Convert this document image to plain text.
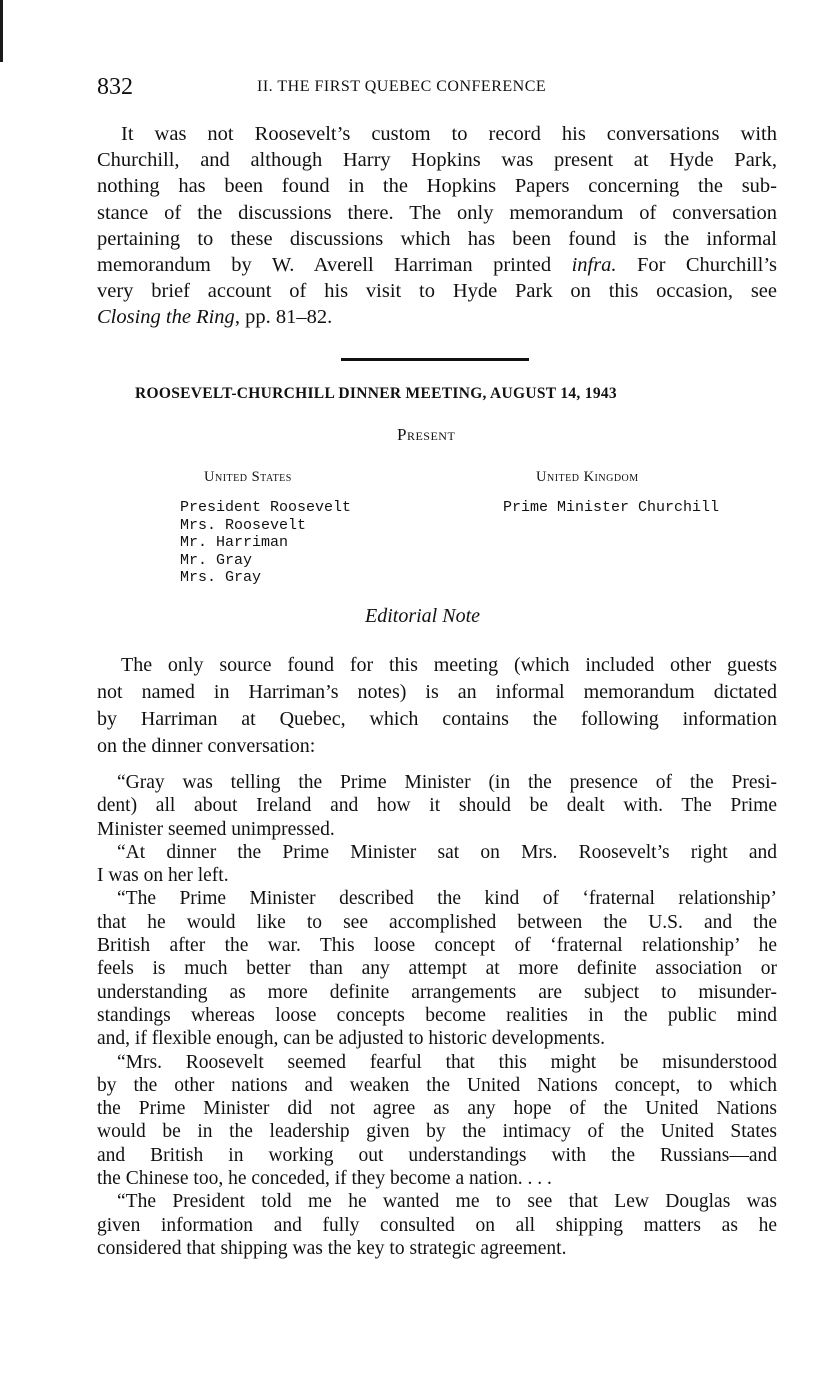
832	II. THE FIRST QUEBEC CONFERENCE

It was not Roosevelt’s custom to record his conversations with

Churchill, and although Harry Hopkins was present at Hyde Park,

nothing has been found in the Hopkins Papers concerning the sub-

stance of the discussions there. The only memorandum of conversation

pertaining to these discussions which has been found is the informal

memorandum by W. Averell Harriman printed infra. For Churchill’s

very brief account of his visit to Hyde Park on this occasion, see

Closing the Ring, pp. 81–82.

ROOSEVELT-CHURCHILL DINNER MEETING, AUGUST 14, 1943
Present
United States	United Kingdom
President Roosevelt
Mrs. Roosevelt
Mr. Harriman
Mr. Gray
Mrs. Gray
Prime Minister Churchill
Editorial Note

The only source found for this meeting (which included other guests

not named in Harriman’s notes) is an informal memorandum dictated

by Harriman at Quebec, which contains the following information

on the dinner conversation:

“Gray was telling the Prime Minister (in the presence of the Presi-

dent) all about Ireland and how it should be dealt with. The Prime

Minister seemed unimpressed.

“At dinner the Prime Minister sat on Mrs. Roosevelt’s right and

I was on her left.

“The Prime Minister described the kind of ‘fraternal relationship’

that he would like to see accomplished between the U.S. and the

British after the war. This loose concept of ‘fraternal relationship’ he

feels is much better than any attempt at more definite association or

understanding as more definite arrangements are subject to misunder-

standings whereas loose concepts become realities in the public mind

and, if flexible enough, can be adjusted to historic developments.

“Mrs. Roosevelt seemed fearful that this might be misunderstood

by the other nations and weaken the United Nations concept, to which

the Prime Minister did not agree as any hope of the United Nations

would be in the leadership given by the intimacy of the United States

and British in working out understandings with the Russians—and

the Chinese too, he conceded, if they become a nation. . . .

“The President told me he wanted me to see that Lew Douglas was

given information and fully consulted on all shipping matters as he

considered that shipping was the key to strategic agreement.
